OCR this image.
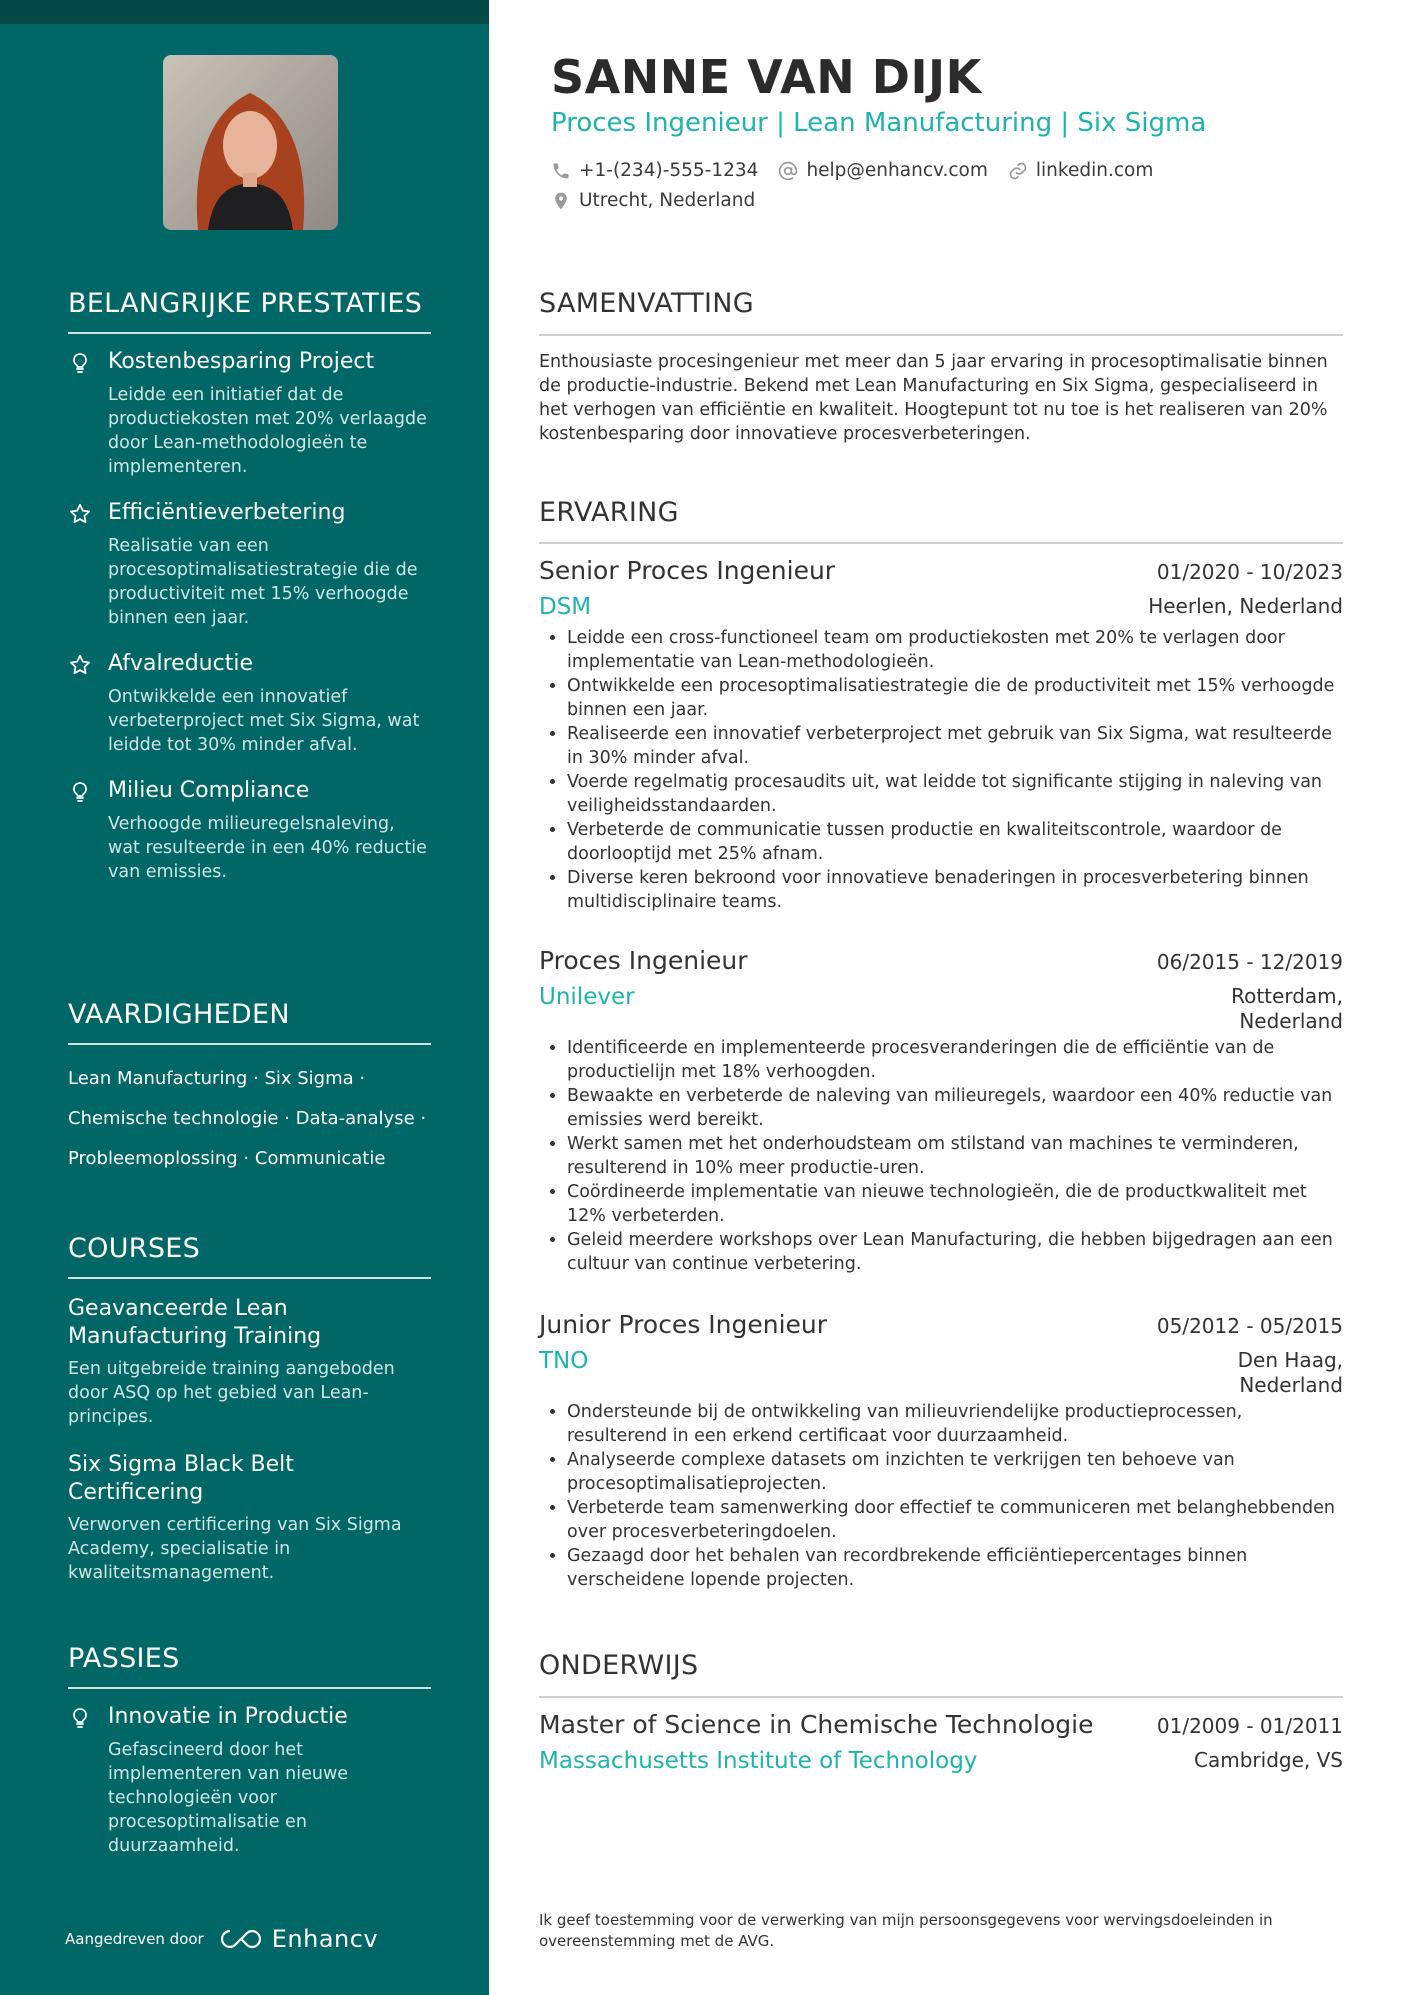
BELANGRIJKE PRESTATIES
Kostenbesparing Project
Leidde een initiatief dat de productiekosten met 20% verlaagde door Lean-methodologieën te implementeren.
Efficiëntieverbetering
Realisatie van een procesoptimalisatiestrategie die de productiviteit met 15% verhoogde binnen een jaar.
Afvalreductie
Ontwikkelde een innovatief verbeterproject met Six Sigma, wat leidde tot 30% minder afval.
Milieu Compliance
Verhoogde milieuregelsnaleving, wat resulteerde in een 40% reductie van emissies.
VAARDIGHEDEN
Lean Manufacturing · Six Sigma ·
Chemische technologie · Data-analyse ·
Probleemoplossing · Communicatie
COURSES
Geavanceerde Lean Manufacturing Training
Een uitgebreide training aangeboden door ASQ op het gebied van Lean-principes.
Six Sigma Black Belt Certificering
Verworven certificering van Six Sigma Academy, specialisatie in kwaliteitsmanagement.
PASSIES
Innovatie in Productie
Gefascineerd door het implementeren van nieuwe technologieën voor procesoptimalisatie en duurzaamheid.
Aangedreven door	Enhancv
SANNE VAN DIJK
Proces Ingenieur | Lean Manufacturing | Six Sigma
+1-(234)-555-1234	help@enhancv.com	linkedin.com
Utrecht, Nederland
SAMENVATTING
Enthousiaste procesingenieur met meer dan 5 jaar ervaring in procesoptimalisatie binnen de productie-industrie. Bekend met Lean Manufacturing en Six Sigma, gespecialiseerd in het verhogen van efficiëntie en kwaliteit. Hoogtepunt tot nu toe is het realiseren van 20% kostenbesparing door innovatieve procesverbeteringen.
ERVARING
Senior Proces Ingenieur	01/2020 - 10/2023
DSM	Heerlen, Nederland
• Leidde een cross-functioneel team om productiekosten met 20% te verlagen door implementatie van Lean-methodologieën.
• Ontwikkelde een procesoptimalisatiestrategie die de productiviteit met 15% verhoogde binnen een jaar.
• Realiseerde een innovatief verbeterproject met gebruik van Six Sigma, wat resulteerde in 30% minder afval.
• Voerde regelmatig procesaudits uit, wat leidde tot significante stijging in naleving van veiligheidsstandaarden.
• Verbeterde de communicatie tussen productie en kwaliteitscontrole, waardoor de doorlooptijd met 25% afnam.
• Diverse keren bekroond voor innovatieve benaderingen in procesverbetering binnen multidisciplinaire teams.
Proces Ingenieur	06/2015 - 12/2019
Unilever	Rotterdam,
Nederland
• Identificeerde en implementeerde procesveranderingen die de efficiëntie van de productielijn met 18% verhoogden.
• Bewaakte en verbeterde de naleving van milieuregels, waardoor een 40% reductie van emissies werd bereikt.
• Werkt samen met het onderhoudsteam om stilstand van machines te verminderen, resulterend in 10% meer productie-uren.
• Coördineerde implementatie van nieuwe technologieën, die de productkwaliteit met 12% verbeterden.
• Geleid meerdere workshops over Lean Manufacturing, die hebben bijgedragen aan een cultuur van continue verbetering.
Junior Proces Ingenieur	05/2012 - 05/2015
TNO	Den Haag,
Nederland
• Ondersteunde bij de ontwikkeling van milieuvriendelijke productieprocessen, resulterend in een erkend certificaat voor duurzaamheid.
• Analyseerde complexe datasets om inzichten te verkrijgen ten behoeve van procesoptimalisatieprojecten.
• Verbeterde team samenwerking door effectief te communiceren met belanghebbenden over procesverbeteringdoelen.
• Gezaagd door het behalen van recordbrekende efficiëntiepercentages binnen verscheidene lopende projecten.
ONDERWIJS
Master of Science in Chemische Technologie	01/2009 - 01/2011
Massachusetts Institute of Technology	Cambridge, VS
Ik geef toestemming voor de verwerking van mijn persoonsgegevens voor wervingsdoeleinden in overeenstemming met de AVG.
